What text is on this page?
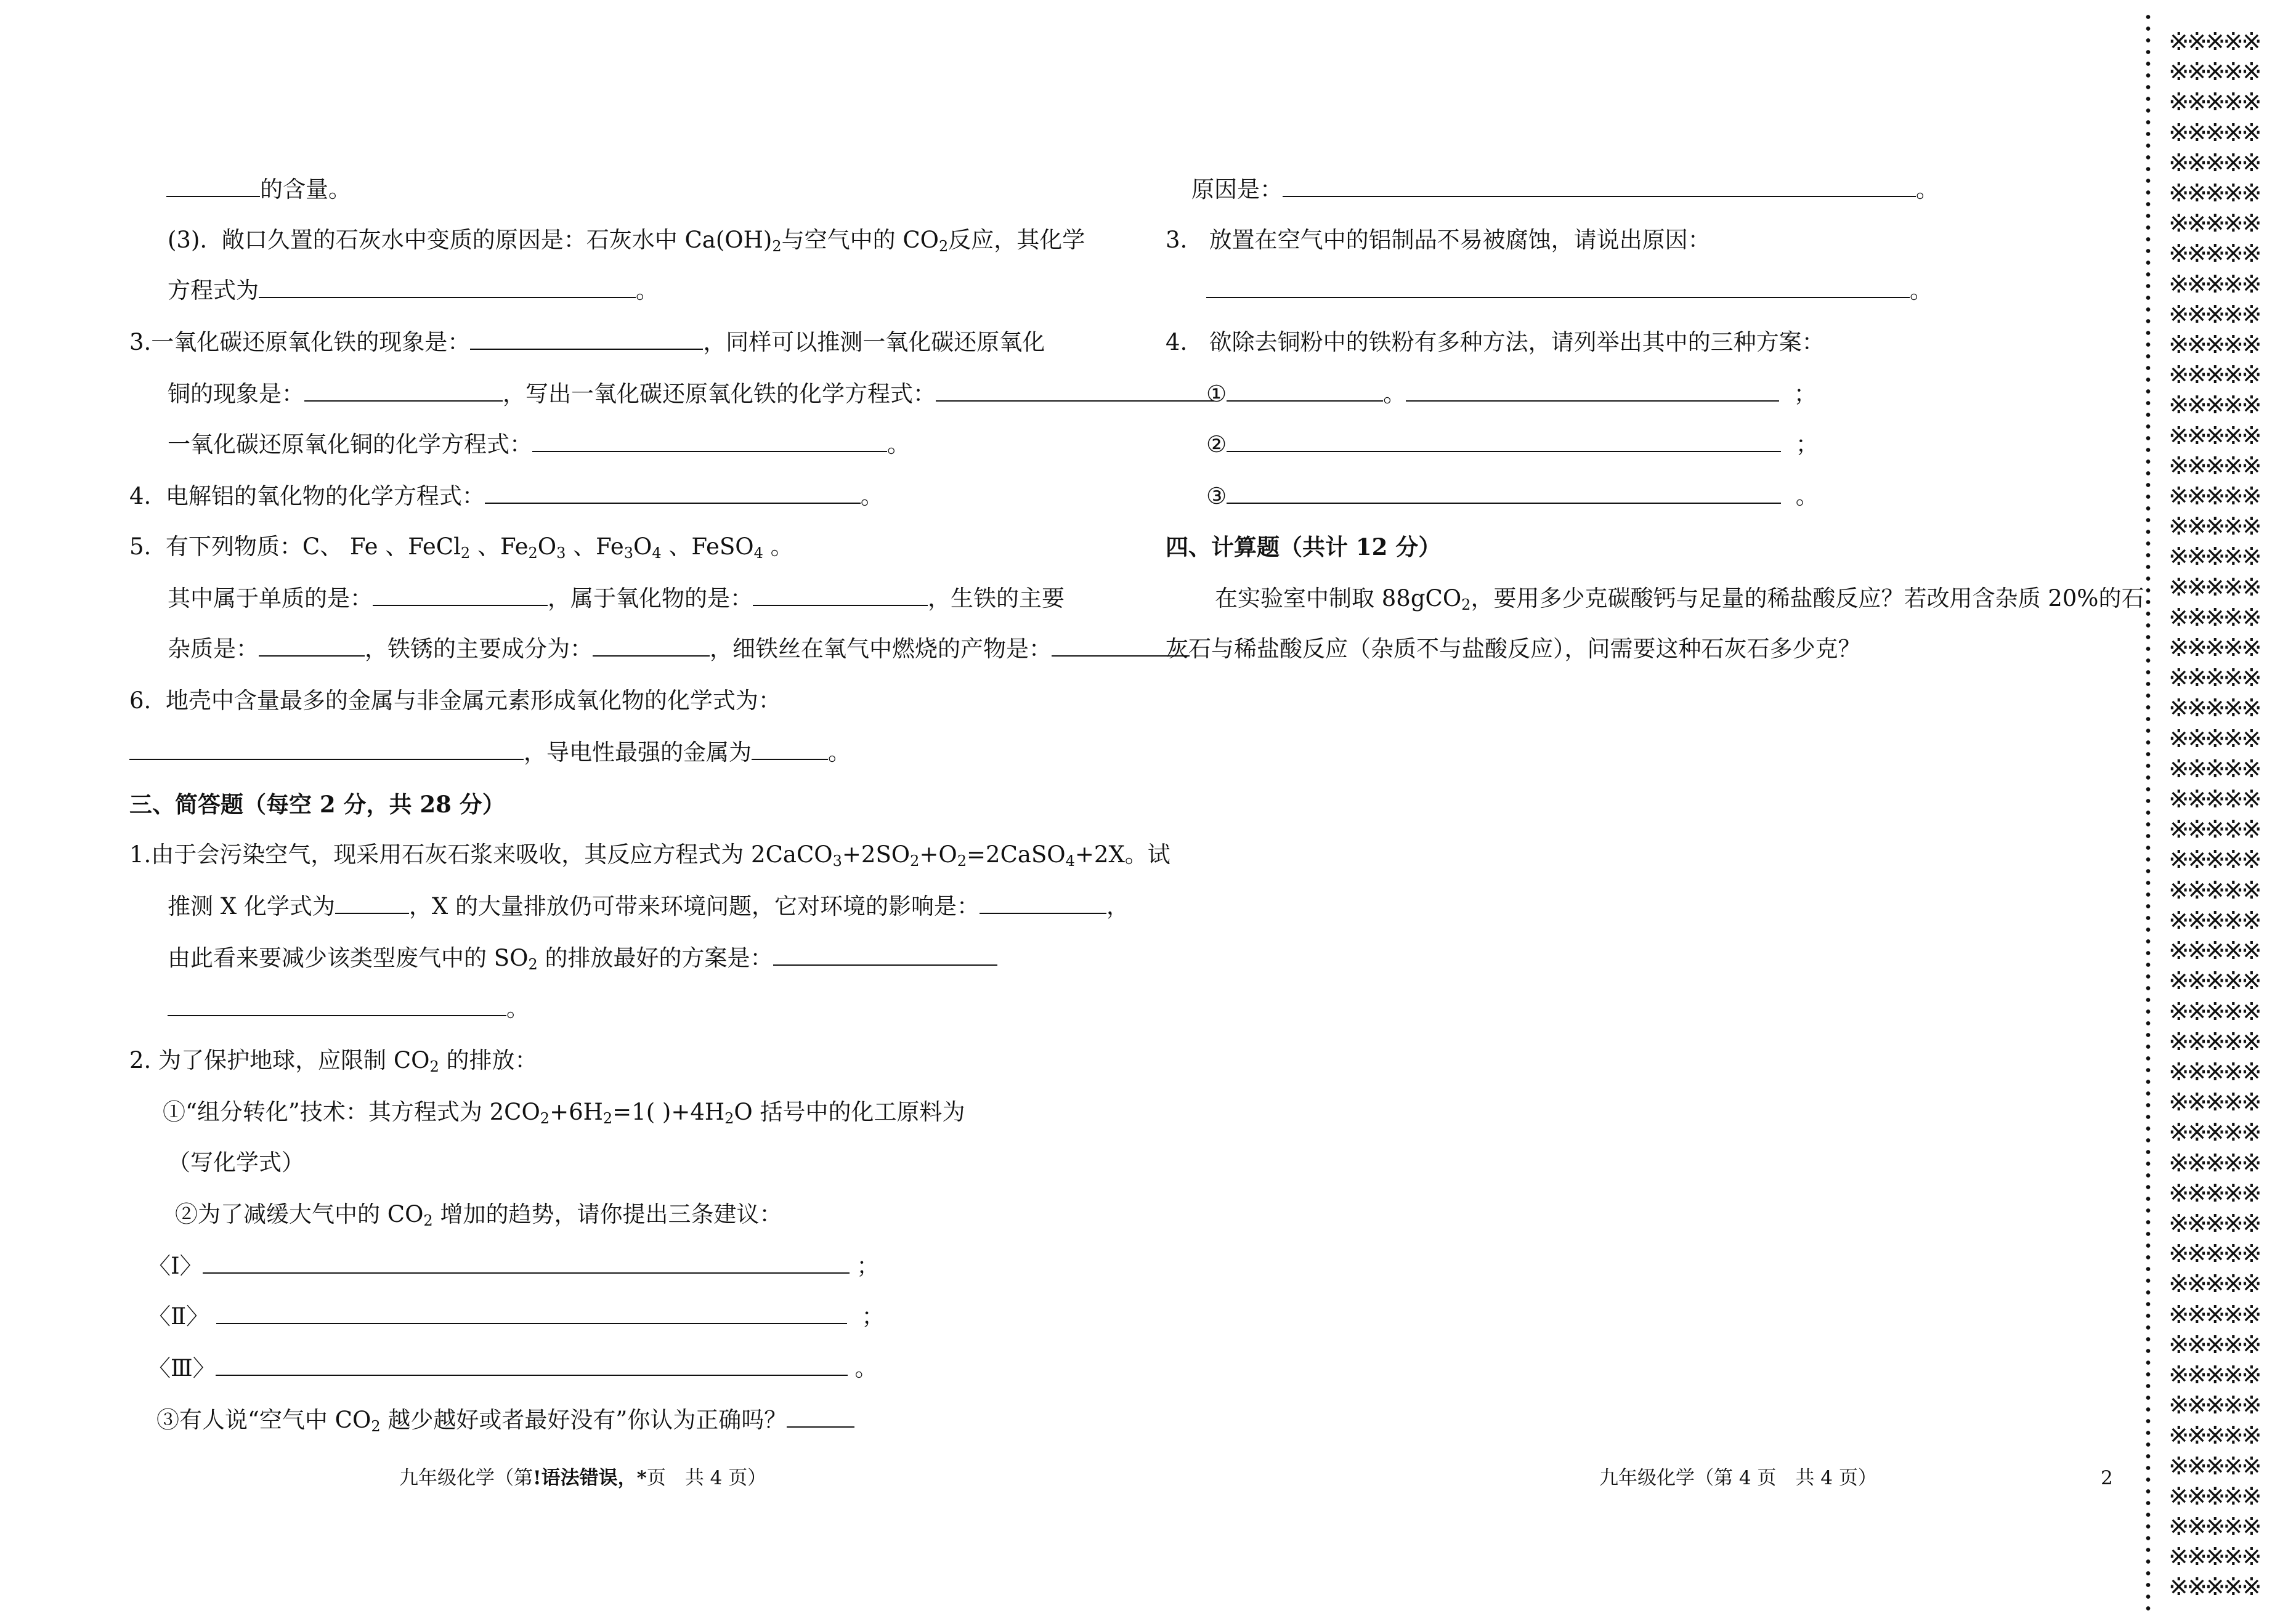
的含量。
(3). 敞口久置的石灰水中变质的原因是：石灰水中 $Ca(OH)_2$与空气中的 $CO_2$反应，其化学
方程式为	。
3.一氧化碳还原氧化铁的现象是：	，同样可以推测一氧化碳还原氧化
铜的现象是：	，写出一氧化碳还原氧化铁的化学方程式：
一氧化碳还原氧化铜的化学方程式：	。
4. 电解铝的氧化物的化学方程式：	。
5. 有下列物质：C、 Fe 、FeCl$_2$ 、$Fe_2O_3$ 、$Fe_3O_4$ 、FeSO$_4$ 。
其中属于单质的是：	，属于氧化物的是：	，生铁的主要
杂质是：	，铁锈的主要成分为：	，细铁丝在氧气中燃烧的产物是：
6. 地壳中含量最多的金属与非金属元素形成氧化物的化学式为：
，导电性最强的金属为	。
三、简答题（每空 2 分，共 28 分）
1.由于会污染空气，现采用石灰石浆来吸收，其反应方程式为 $2CaCO_3+2SO_2+O_2=2CaSO_4+2X$。试
推测 X 化学式为	，X 的大量排放仍可带来环境问题，它对环境的影响是：	，
由此看来要减少该类型废气中的 $SO_2$ 的排放最好的方案是：
。
2. 为了保护地球，应限制 $CO_2$ 的排放：
①“组分转化”技术：其方程式为 $2CO_2+6H_2=1$( )$+4H_2O$ 括号中的化工原料为
（写化学式）
②为了减缓大气中的 $CO_2$ 增加的趋势，请你提出三条建议：
〈Ⅰ〉	；
〈Ⅱ〉	；
〈Ⅲ〉	。
③有人说“空气中 $CO_2$ 越少越好或者最好没有”你认为正确吗？
原因是：	。
3. 放置在空气中的铝制品不易被腐蚀，请说出原因：
。
4. 欲除去铜粉中的铁粉有多种方法，请列举出其中的三种方案：
①	。	；
②	；
③	。
四、计算题（共计 12 分）
在实验室中制取 88gCO$_2$，要用多少克碳酸钙与足量的稀盐酸反应？若改用含杂质 20%的石
灰石与稀盐酸反应（杂质不与盐酸反应），问需要这种石灰石多少克？
九年级化学（第!语法错误，*页　共 4 页）	九年级化学（第 4 页　共 4 页）	2
※※※※※
※※※※※
※※※※※
※※※※※
※※※※※
※※※※※
※※※※※
※※※※※
※※※※※
※※※※※
※※※※※
※※※※※
※※※※※
※※※※※
※※※※※
※※※※※
※※※※※
※※※※※
※※※※※
※※※※※
※※※※※
※※※※※
※※※※※
※※※※※
※※※※※
※※※※※
※※※※※
※※※※※
※※※※※
※※※※※
※※※※※
※※※※※
※※※※※
※※※※※
※※※※※
※※※※※
※※※※※
※※※※※
※※※※※
※※※※※
※※※※※
※※※※※
※※※※※
※※※※※
※※※※※
※※※※※
※※※※※
※※※※※
※※※※※
※※※※※
※※※※※
※※※※※
